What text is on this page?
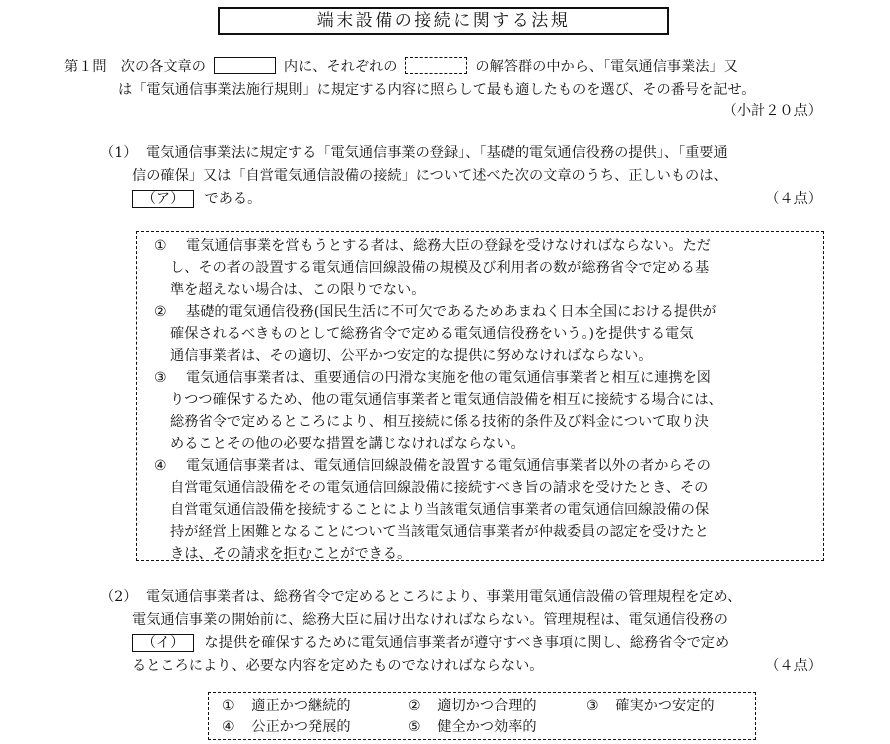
端末設備の接続に関する法規
第１問　次の各文章の	内に、それぞれの	の解答群の中から、「電気通信事業法」又
は「電気通信事業法施行規則」に規定する内容に照らして最も適したものを選び、その番号を記せ。
（小計２０点）
（1） 電気通信事業法に規定する「電気通信事業の登録」、「基礎的電気通信役務の提供」、「重要通
信の確保」又は「自営電気通信設備の接続」について述べた次の文章のうち、正しいものは、
（ア） である。	（４点）
① 電気通信事業を営もうとする者は、総務大臣の登録を受けなければならない。ただ
し、その者の設置する電気通信回線設備の規模及び利用者の数が総務省令で定める基
準を超えない場合は、この限りでない。
② 基礎的電気通信役務(国民生活に不可欠であるためあまねく日本全国における提供が
確保されるべきものとして総務省令で定める電気通信役務をいう。)を提供する電気
通信事業者は、その適切、公平かつ安定的な提供に努めなければならない。
③ 電気通信事業者は、重要通信の円滑な実施を他の電気通信事業者と相互に連携を図
りつつ確保するため、他の電気通信事業者と電気通信設備を相互に接続する場合には、
総務省令で定めるところにより、相互接続に係る技術的条件及び料金について取り決
めることその他の必要な措置を講じなければならない。
④ 電気通信事業者は、電気通信回線設備を設置する電気通信事業者以外の者からその
自営電気通信設備をその電気通信回線設備に接続すべき旨の請求を受けたとき、その
自営電気通信設備を接続することにより当該電気通信事業者の電気通信回線設備の保
持が経営上困難となることについて当該電気通信事業者が仲裁委員の認定を受けたと
きは、その請求を拒むことができる。
（2） 電気通信事業者は、総務省令で定めるところにより、事業用電気通信設備の管理規程を定め、
電気通信事業の開始前に、総務大臣に届け出なければならない。管理規程は、電気通信役務の
（イ） な提供を確保するために電気通信事業者が遵守すべき事項に関し、総務省令で定め
るところにより、必要な内容を定めたものでなければならない。	（４点）
① 適正かつ継続的	② 適切かつ合理的	③ 確実かつ安定的
④ 公正かつ発展的	⑤ 健全かつ効率的
